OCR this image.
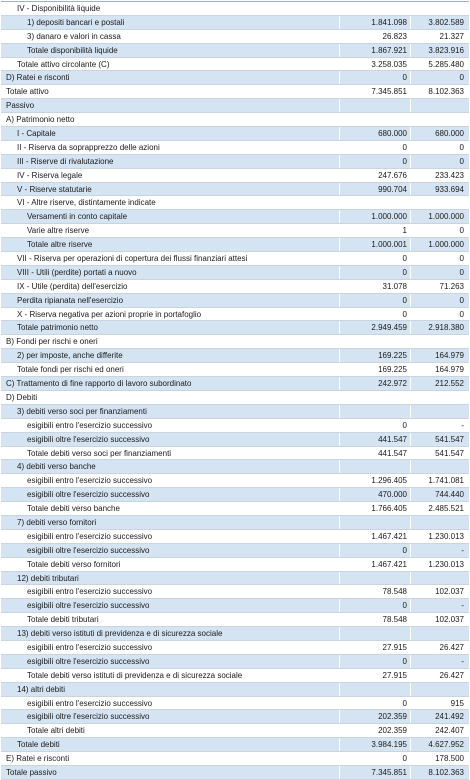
IV - Disponibilità liquide
1) depositi bancari e postali	1.841.098	3.802.589
3) danaro e valori in cassa	26.823	21.327
Totale disponibilità liquide	1.867.921	3.823.916
Totale attivo circolante (C)	3.258.035	5.285.480
D) Ratei e risconti	0	0
Totale attivo	7.345.851	8.102.363
Passivo
A) Patrimonio netto
I - Capitale	680.000	680.000
II - Riserva da soprapprezzo delle azioni	0	0
III - Riserve di rivalutazione	0	0
IV - Riserva legale	247.676	233.423
V - Riserve statutarie	990.704	933.694
VI - Altre riserve, distintamente indicate
Versamenti in conto capitale	1.000.000	1.000.000
Varie altre riserve	1	0
Totale altre riserve	1.000.001	1.000.000
VII - Riserva per operazioni di copertura dei flussi finanziari attesi	0	0
VIII - Utili (perdite) portati a nuovo	0	0
IX - Utile (perdita) dell'esercizio	31.078	71.263
Perdita ripianata nell'esercizio	0	0
X - Riserva negativa per azioni proprie in portafoglio	0	0
Totale patrimonio netto	2.949.459	2.918.380
B) Fondi per rischi e oneri
2) per imposte, anche differite	169.225	164.979
Totale fondi per rischi ed oneri	169.225	164.979
C) Trattamento di fine rapporto di lavoro subordinato	242.972	212.552
D) Debiti
3) debiti verso soci per finanziamenti
esigibili entro l'esercizio successivo	0	-
esigibili oltre l'esercizio successivo	441.547	541.547
Totale debiti verso soci per finanziamenti	441.547	541.547
4) debiti verso banche
esigibili entro l'esercizio successivo	1.296.405	1.741.081
esigibili oltre l'esercizio successivo	470.000	744.440
Totale debiti verso banche	1.766.405	2.485.521
7) debiti verso fornitori
esigibili entro l'esercizio successivo	1.467.421	1.230.013
esigibili oltre l'esercizio successivo	0	-
Totale debiti verso fornitori	1.467.421	1.230.013
12) debiti tributari
esigibili entro l'esercizio successivo	78.548	102.037
esigibili oltre l'esercizio successivo	0	-
Totale debiti tributari	78.548	102.037
13) debiti verso istituti di previdenza e di sicurezza sociale
esigibili entro l'esercizio successivo	27.915	26.427
esigibili oltre l'esercizio successivo	0	-
Totale debiti verso istituti di previdenza e di sicurezza sociale	27.915	26.427
14) altri debiti
esigibili entro l'esercizio successivo	0	915
esigibili oltre l'esercizio successivo	202.359	241.492
Totale altri debiti	202.359	242.407
Totale debiti	3.984.195	4.627.952
E) Ratei e risconti	0	178.500
Totale passivo	7.345.851	8.102.363
